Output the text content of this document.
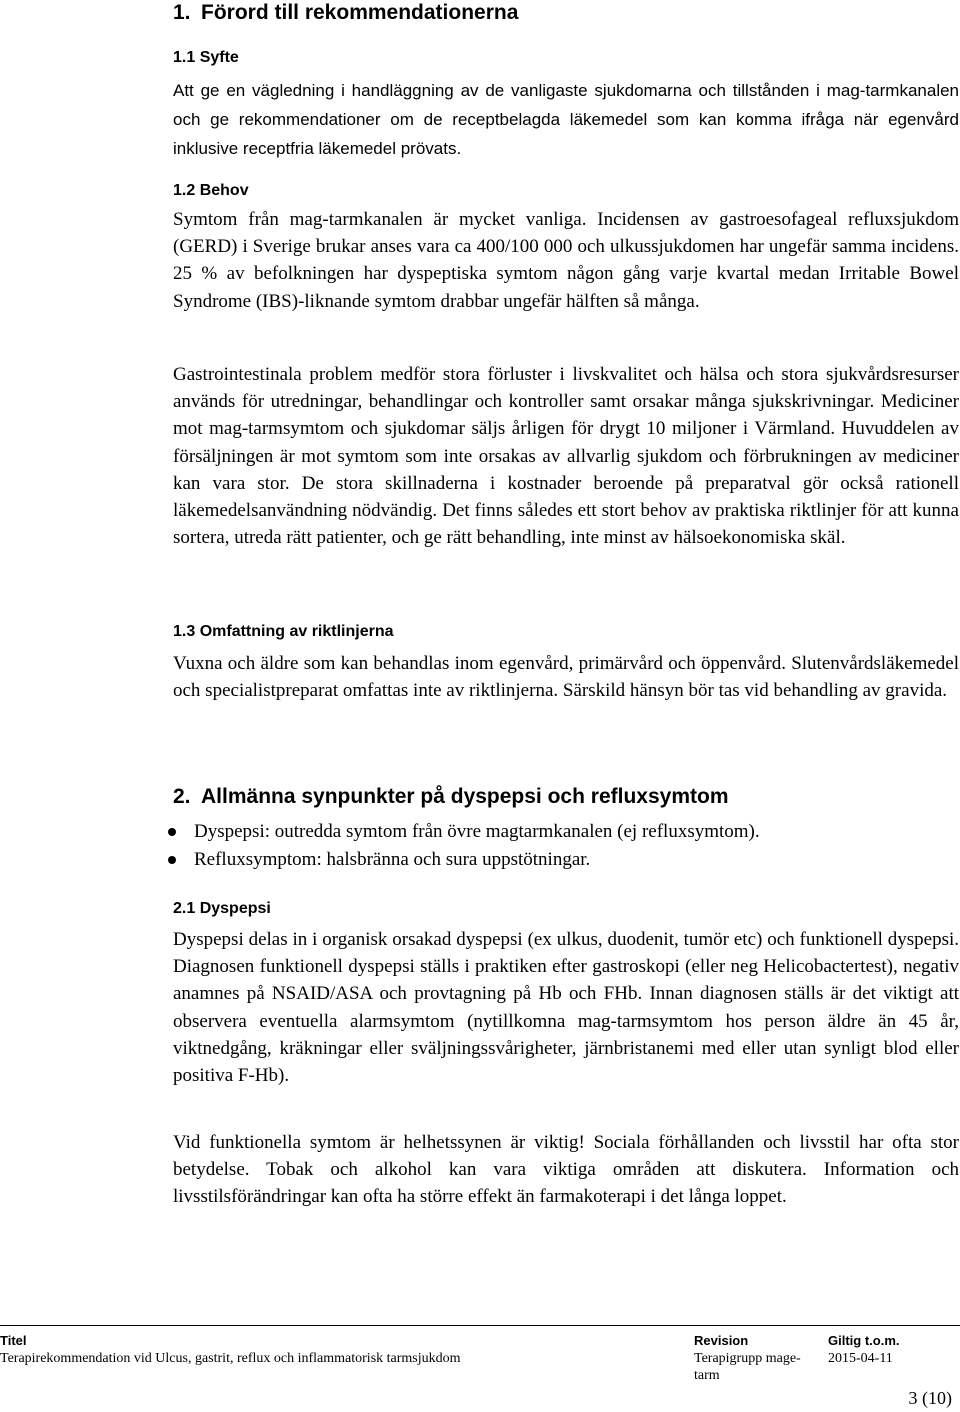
1. Förord till rekommendationerna
1.1 Syfte

Att ge en vägledning i handläggning av de vanligaste sjukdomarna och tillstånden i mag-tarmkanalen och ge rekommendationer om de receptbelagda läkemedel som kan komma ifråga när egenvård inklusive receptfria läkemedel prövats.

1.2 Behov

Symtom från mag-tarmkanalen är mycket vanliga. Incidensen av gastroesofageal refluxsjukdom (GERD) i Sverige brukar anses vara ca 400/100 000 och ulkussjukdomen har ungefär samma incidens. 25 % av befolkningen har dyspeptiska symtom någon gång varje kvartal medan Irritable Bowel Syndrome (IBS)-liknande symtom drabbar ungefär hälften så många.

Gastrointestinala problem medför stora förluster i livskvalitet och hälsa och stora sjukvårdsresurser används för utredningar, behandlingar och kontroller samt orsakar många sjukskrivningar. Mediciner mot mag-tarmsymtom och sjukdomar säljs årligen för drygt 10 miljoner i Värmland. Huvuddelen av försäljningen är mot symtom som inte orsakas av allvarlig sjukdom och förbrukningen av mediciner kan vara stor. De stora skillnaderna i kostnader beroende på preparatval gör också rationell läkemedelsanvändning nödvändig. Det finns således ett stort behov av praktiska riktlinjer för att kunna sortera, utreda rätt patienter, och ge rätt behandling, inte minst av hälsoekonomiska skäl.

1.3 Omfattning av riktlinjerna

Vuxna och äldre som kan behandlas inom egenvård, primärvård och öppenvård. Slutenvårdsläkemedel och specialistpreparat omfattas inte av riktlinjerna. Särskild hänsyn bör tas vid behandling av gravida.

2. Allmänna synpunkter på dyspepsi och refluxsymtom
Dyspepsi: outredda symtom från övre magtarmkanalen (ej refluxsymtom).
Refluxsymptom: halsbränna och sura uppstötningar.
2.1 Dyspepsi

Dyspepsi delas in i organisk orsakad dyspepsi (ex ulkus, duodenit, tumör etc) och funktionell dyspepsi. Diagnosen funktionell dyspepsi ställs i praktiken efter gastroskopi (eller neg Helicobactertest), negativ anamnes på NSAID/ASA och provtagning på Hb och FHb. Innan diagnosen ställs är det viktigt att observera eventuella alarmsymtom (nytillkomna mag-tarmsymtom hos person äldre än 45 år, viktnedgång, kräkningar eller sväljningssvårigheter, järnbristanemi med eller utan synligt blod eller positiva F-Hb).

Vid funktionella symtom är helhetssynen är viktig! Sociala förhållanden och livsstil har ofta stor betydelse. Tobak och alkohol kan vara viktiga områden att diskutera. Information och livsstilsförändringar kan ofta ha större effekt än farmakoterapi i det långa loppet.

Titel
Terapirekommendation vid Ulcus, gastrit, reflux och inflammatorisk tarmsjukdom
Revision
Terapigrupp mage-
tarm
Giltig t.o.m.
2015-04-11
3 (10)
